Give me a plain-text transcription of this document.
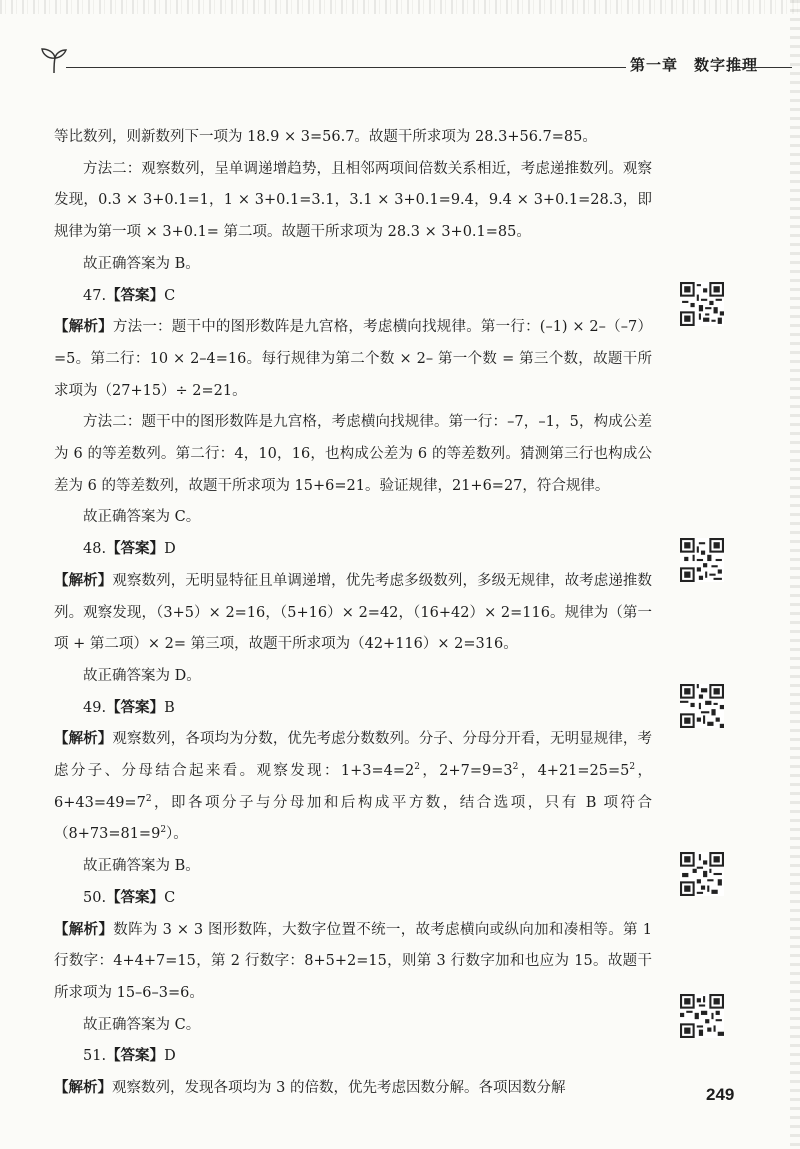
第一章　数字推理

等比数列，则新数列下一项为 18.9 × 3=56.7。故题干所求项为 28.3+56.7=85。

方法二：观察数列，呈单调递增趋势，且相邻两项间倍数关系相近，考虑递推数列。观察发现，0.3 × 3+0.1=1，1 × 3+0.1=3.1，3.1 × 3+0.1=9.4，9.4 × 3+0.1=28.3，即规律为第一项 × 3+0.1= 第二项。故题干所求项为 28.3 × 3+0.1=85。

故正确答案为 B。

47.【答案】C

【解析】方法一：题干中的图形数阵是九宫格，考虑横向找规律。第一行：(–1) × 2–（–7）=5。第二行：10 × 2–4=16。每行规律为第二个数 × 2– 第一个数 = 第三个数，故题干所求项为（27+15）÷ 2=21。

方法二：题干中的图形数阵是九宫格，考虑横向找规律。第一行：–7，–1，5，构成公差为 6 的等差数列。第二行：4，10，16，也构成公差为 6 的等差数列。猜测第三行也构成公差为 6 的等差数列，故题干所求项为 15+6=21。验证规律，21+6=27，符合规律。

故正确答案为 C。

48.【答案】D

【解析】观察数列，无明显特征且单调递增，优先考虑多级数列，多级无规律，故考虑递推数列。观察发现，（3+5）× 2=16，（5+16）× 2=42，（16+42）× 2=116。规律为（第一项 + 第二项）× 2= 第三项，故题干所求项为（42+116）× 2=316。

故正确答案为 D。

49.【答案】B

【解析】观察数列，各项均为分数，优先考虑分数数列。分子、分母分开看，无明显规律，考虑分子、分母结合起来看。观察发现：$1+3=4=2^2$，$2+7=9=3^2$，$4+21=25=5^2$，$6+43=49=7^2$，即各项分子与分母加和后构成平方数，结合选项，只有 B 项符合$(8+73=81=9^2)$。

故正确答案为 B。

50.【答案】C

【解析】数阵为 3 × 3 图形数阵，大数字位置不统一，故考虑横向或纵向加和凑相等。第 1 行数字：4+4+7=15，第 2 行数字：8+5+2=15，则第 3 行数字加和也应为 15。故题干所求项为 15–6–3=6。

故正确答案为 C。

51.【答案】D

【解析】观察数列，发现各项均为 3 的倍数，优先考虑因数分解。各项因数分解	249
